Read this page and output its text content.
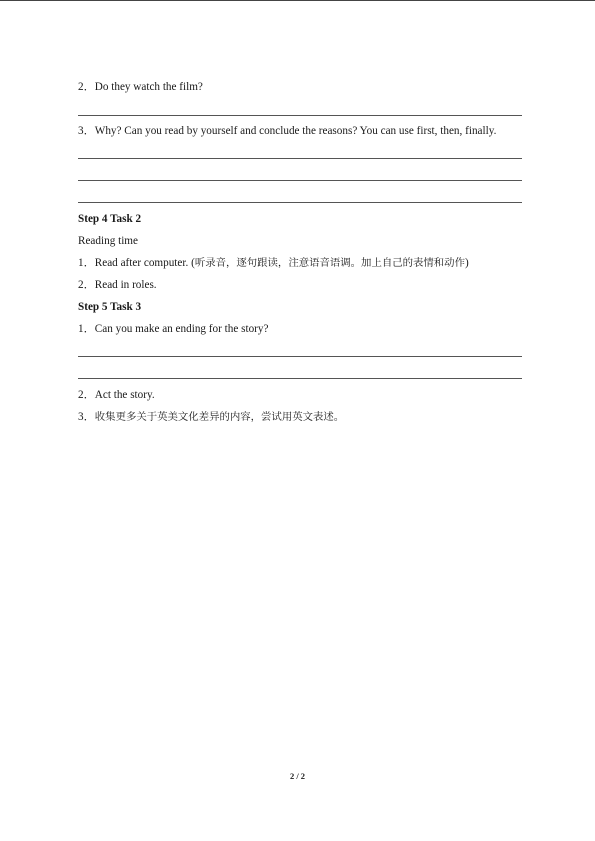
2．Do they watch the film?
3．Why? Can you read by yourself and conclude the reasons? You can use first, then, finally.
Step 4 Task 2
Reading time
1．Read after computer. (听录音，逐句跟读，注意语音语调。加上自己的表情和动作)
2．Read in roles.
Step 5 Task 3
1．Can you make an ending for the story?
2．Act the story.
3．收集更多关于英美文化差异的内容，尝试用英文表述。
2 / 2
